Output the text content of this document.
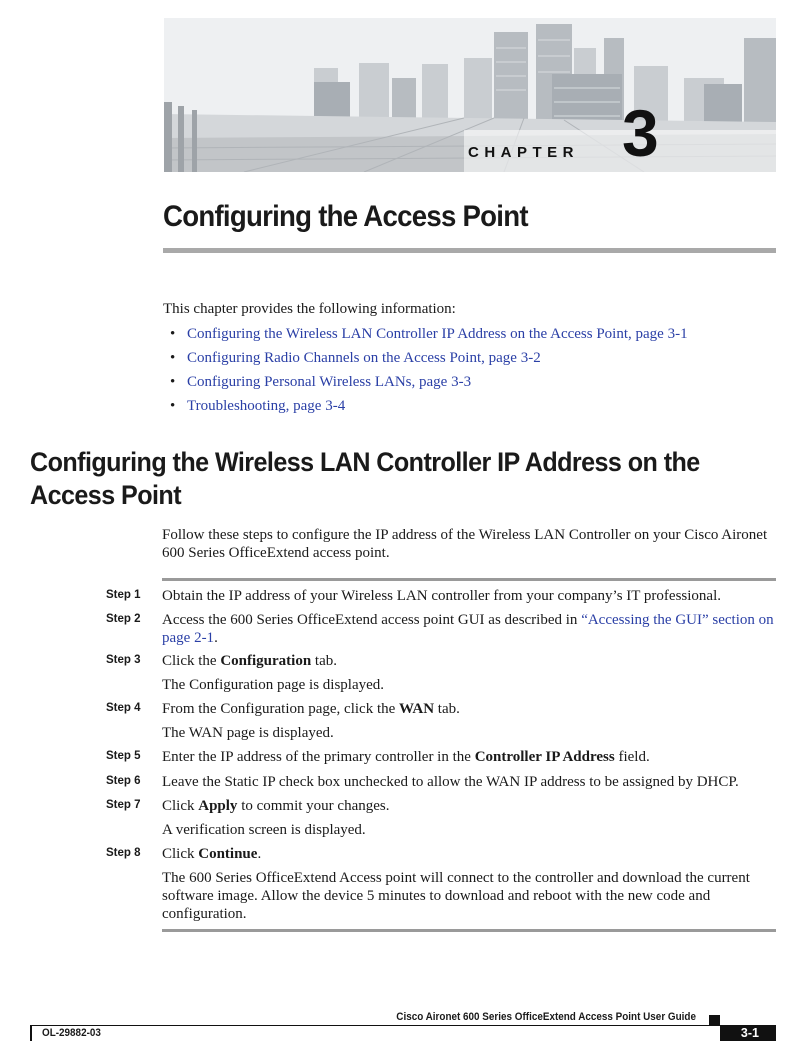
CHAPTER 3
Configuring the Access Point
This chapter provides the following information:
• Configuring the Wireless LAN Controller IP Address on the Access Point, page 3-1
• Configuring Radio Channels on the Access Point, page 3-2
• Configuring Personal Wireless LANs, page 3-3
• Troubleshooting, page 3-4
Configuring the Wireless LAN Controller IP Address on the Access Point
Follow these steps to configure the IP address of the Wireless LAN Controller on your Cisco Aironet 600 Series OfficeExtend access point.
Step 1 Obtain the IP address of your Wireless LAN controller from your company’s IT professional.
Step 2 Access the 600 Series OfficeExtend access point GUI as described in “Accessing the GUI” section on page 2-1.
Step 3 Click the Configuration tab.
The Configuration page is displayed.
Step 4 From the Configuration page, click the WAN tab.
The WAN page is displayed.
Step 5 Enter the IP address of the primary controller in the Controller IP Address field.
Step 6 Leave the Static IP check box unchecked to allow the WAN IP address to be assigned by DHCP.
Step 7 Click Apply to commit your changes.
A verification screen is displayed.
Step 8 Click Continue.
The 600 Series OfficeExtend Access point will connect to the controller and download the current software image. Allow the device 5 minutes to download and reboot with the new code and configuration.
Cisco Aironet 600 Series OfficeExtend Access Point User Guide
OL-29882-03	3-1
